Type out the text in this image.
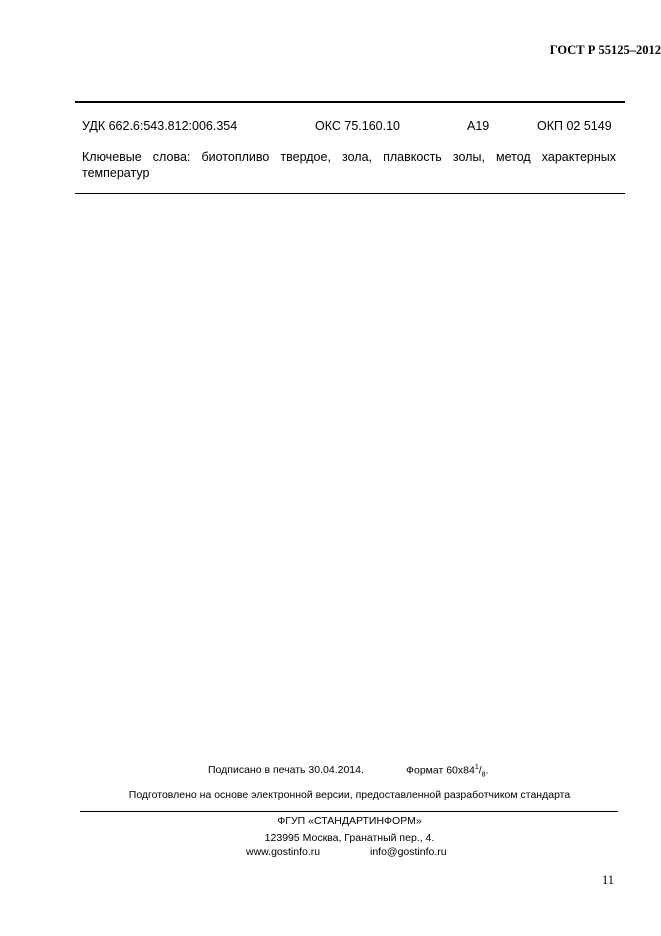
ГОСТ Р 55125–2012
УДК 662.6:543.812:006.354	ОКС 75.160.10	А19	ОКП 02 5149
Ключевые слова: биотопливо твердое, зола, плавкость золы, метод характерных температур
Подписано в печать 30.04.2014.	Формат $60x84^1/_8$.
Подготовлено на основе электронной версии, предоставленной разработчиком стандарта
ФГУП «СТАНДАРТИНФОРМ»
123995 Москва, Гранатный пер., 4.
www.gostinfo.ru	info@gostinfo.ru
11
